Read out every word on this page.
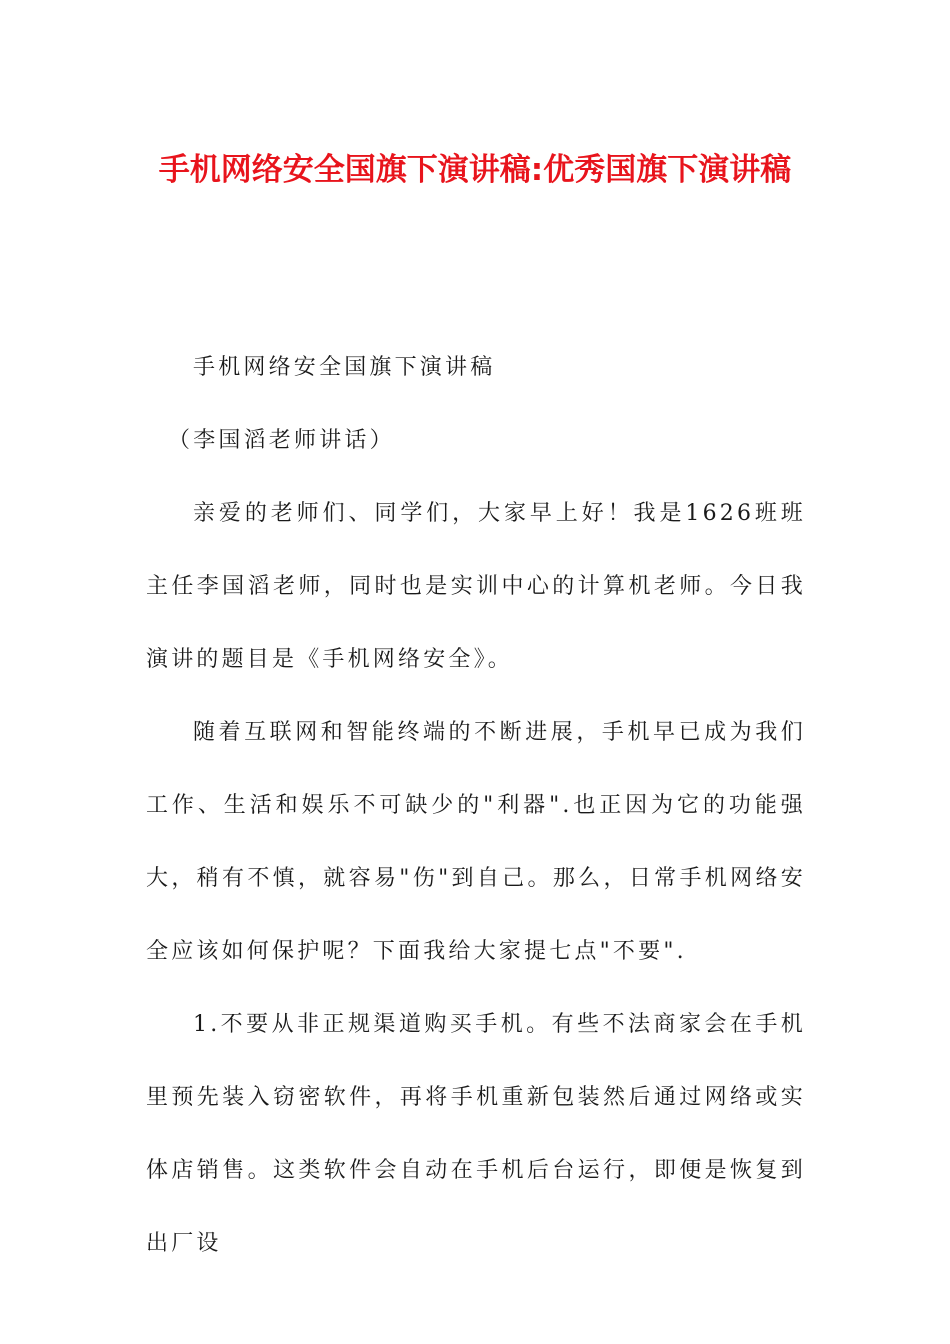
手机网络安全国旗下演讲稿:优秀国旗下演讲稿

手机网络安全国旗下演讲稿

（李国滔老师讲话）

亲爱的老师们、同学们，大家早上好！我是1626班班主任李国滔老师，同时也是实训中心的计算机老师。今日我演讲的题目是《手机网络安全》。

随着互联网和智能终端的不断进展，手机早已成为我们工作、生活和娱乐不可缺少的"利器".也正因为它的功能强大，稍有不慎，就容易"伤"到自己。那么，日常手机网络安全应该如何保护呢？下面我给大家提七点"不要".

1.不要从非正规渠道购买手机。有些不法商家会在手机里预先装入窃密软件，再将手机重新包装然后通过网络或实体店销售。这类软件会自动在手机后台运行，即便是恢复到出厂设
